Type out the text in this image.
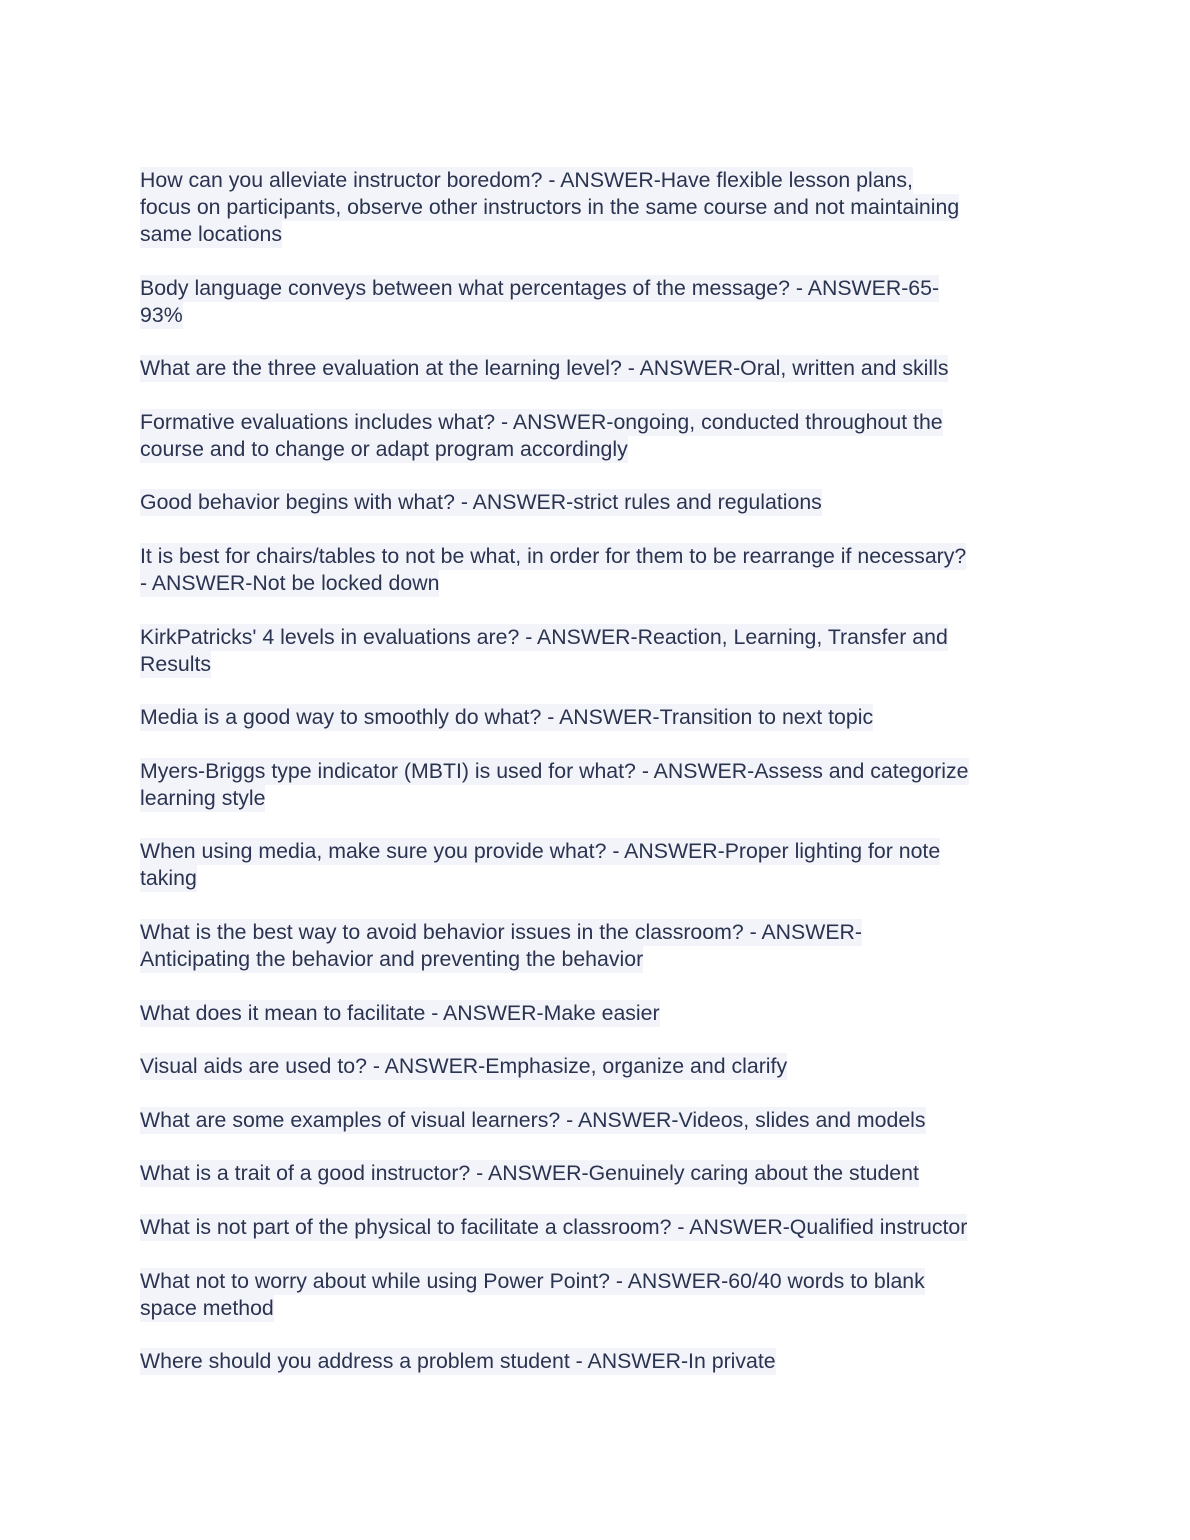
How can you alleviate instructor boredom? - ANSWER-Have flexible lesson plans,
focus on participants, observe other instructors in the same course and not maintaining
same locations

Body language conveys between what percentages of the message? - ANSWER-65-
93%

What are the three evaluation at the learning level? - ANSWER-Oral, written and skills

Formative evaluations includes what? - ANSWER-ongoing, conducted throughout the
course and to change or adapt program accordingly

Good behavior begins with what? - ANSWER-strict rules and regulations

It is best for chairs/tables to not be what, in order for them to be rearrange if necessary?
- ANSWER-Not be locked down

KirkPatricks' 4 levels in evaluations are? - ANSWER-Reaction, Learning, Transfer and
Results

Media is a good way to smoothly do what? - ANSWER-Transition to next topic

Myers-Briggs type indicator (MBTI) is used for what? - ANSWER-Assess and categorize
learning style

When using media, make sure you provide what? - ANSWER-Proper lighting for note
taking

What is the best way to avoid behavior issues in the classroom? - ANSWER-
Anticipating the behavior and preventing the behavior

What does it mean to facilitate - ANSWER-Make easier

Visual aids are used to? - ANSWER-Emphasize, organize and clarify

What are some examples of visual learners? - ANSWER-Videos, slides and models

What is a trait of a good instructor? - ANSWER-Genuinely caring about the student

What is not part of the physical to facilitate a classroom? - ANSWER-Qualified instructor

What not to worry about while using Power Point? - ANSWER-60/40 words to blank
space method

Where should you address a problem student - ANSWER-In private
